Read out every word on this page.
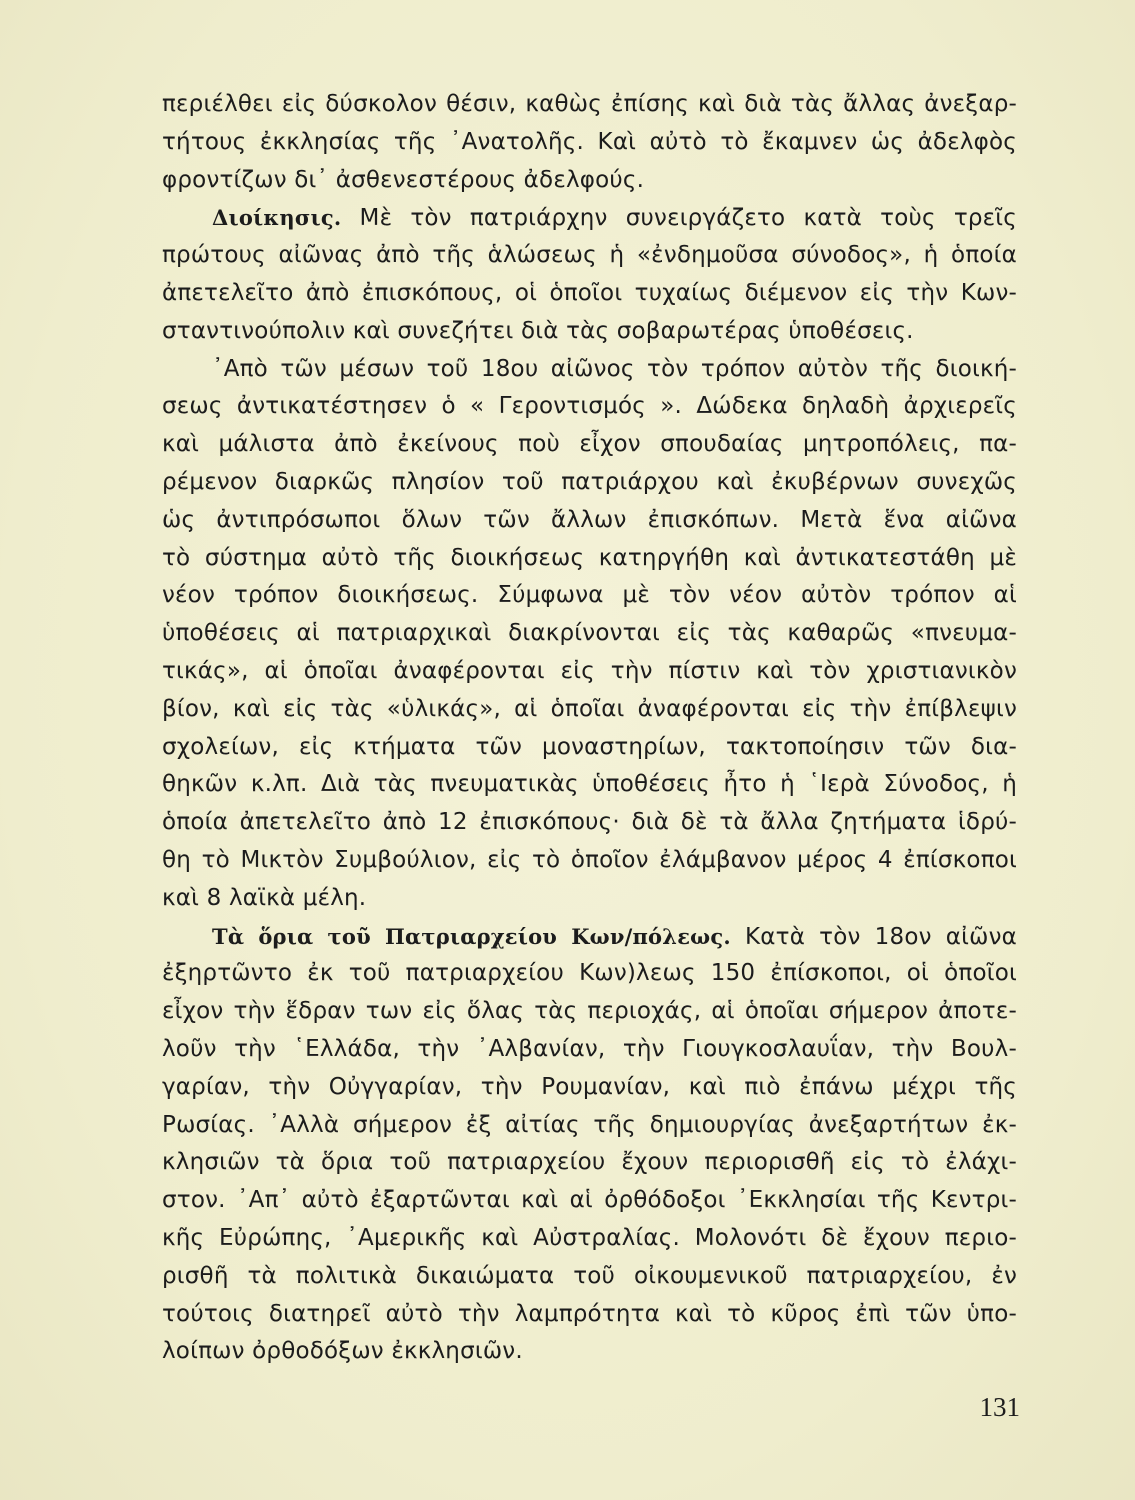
περιέλθει εἰς δύσκολον θέσιν, καθὼς ἐπίσης καὶ διὰ τὰς ἄλλας ἀνεξαρ-
τήτους ἐκκλησίας τῆς ᾿Ανατολῆς. Καὶ αὐτὸ τὸ ἔκαμνεν ὡς ἀδελφὸς
φροντίζων δι᾿ ἀσθενεστέρους ἀδελφούς.
Διοίκησις. Μὲ τὸν πατριάρχην συνειργάζετο κατὰ τοὺς τρεῖς
πρώτους αἰῶνας ἀπὸ τῆς ἁλώσεως ἡ «ἐνδημοῦσα σύνοδος», ἡ ὁποία
ἀπετελεῖτο ἀπὸ ἐπισκόπους, οἱ ὁποῖοι τυχαίως διέμενον εἰς τὴν Κων-
σταντινούπολιν καὶ συνεζήτει διὰ τὰς σοβαρωτέρας ὑποθέσεις.
᾿Απὸ τῶν μέσων τοῦ 18ου αἰῶνος τὸν τρόπον αὐτὸν τῆς διοική-
σεως ἀντικατέστησεν ὁ « Γεροντισμός ». Δώδεκα δηλαδὴ ἀρχιερεῖς
καὶ μάλιστα ἀπὸ ἐκείνους ποὺ εἶχον σπουδαίας μητροπόλεις, πα-
ρέμενον διαρκῶς πλησίον τοῦ πατριάρχου καὶ ἐκυβέρνων συνεχῶς
ὡς ἀντιπρόσωποι ὅλων τῶν ἄλλων ἐπισκόπων. Μετὰ ἕνα αἰῶνα
τὸ σύστημα αὐτὸ τῆς διοικήσεως κατηργήθη καὶ ἀντικατεστάθη μὲ
νέον τρόπον διοικήσεως. Σύμφωνα μὲ τὸν νέον αὐτὸν τρόπον αἱ
ὑποθέσεις αἱ πατριαρχικαὶ διακρίνονται εἰς τὰς καθαρῶς «πνευμα-
τικάς», αἱ ὁποῖαι ἀναφέρονται εἰς τὴν πίστιν καὶ τὸν χριστιανικὸν
βίον, καὶ εἰς τὰς «ὑλικάς», αἱ ὁποῖαι ἀναφέρονται εἰς τὴν ἐπίβλεψιν
σχολείων, εἰς κτήματα τῶν μοναστηρίων, τακτοποίησιν τῶν δια-
θηκῶν κ.λπ. Διὰ τὰς πνευματικὰς ὑποθέσεις ἦτο ἡ ῾Ιερὰ Σύνοδος, ἡ
ὁποία ἀπετελεῖτο ἀπὸ 12 ἐπισκόπους· διὰ δὲ τὰ ἄλλα ζητήματα ἱδρύ-
θη τὸ Μικτὸν Συμβούλιον, εἰς τὸ ὁποῖον ἐλάμβανον μέρος 4 ἐπίσκοποι
καὶ 8 λαϊκὰ μέλη.
Τὰ ὅρια τοῦ Πατριαρχείου Κων/πόλεως. Κατὰ τὸν 18ον αἰῶνα
ἐξηρτῶντο ἐκ τοῦ πατριαρχείου Κων)λεως 150 ἐπίσκοποι, οἱ ὁποῖοι
εἶχον τὴν ἕδραν των εἰς ὅλας τὰς περιοχάς, αἱ ὁποῖαι σήμερον ἀποτε-
λοῦν τὴν ῾Ελλάδα, τὴν ᾿Αλβανίαν, τὴν Γιουγκοσλαυΐαν, τὴν Βουλ-
γαρίαν, τὴν Οὐγγαρίαν, τὴν Ρουμανίαν, καὶ πιὸ ἐπάνω μέχρι τῆς
Ρωσίας. ᾿Αλλὰ σήμερον ἐξ αἰτίας τῆς δημιουργίας ἀνεξαρτήτων ἐκ-
κλησιῶν τὰ ὅρια τοῦ πατριαρχείου ἔχουν περιορισθῆ εἰς τὸ ἐλάχι-
στον. ᾿Απ᾿ αὐτὸ ἐξαρτῶνται καὶ αἱ ὀρθόδοξοι ᾿Εκκλησίαι τῆς Κεντρι-
κῆς Εὐρώπης, ᾿Αμερικῆς καὶ Αὐστραλίας. Μολονότι δὲ ἔχουν περιο-
ρισθῆ τὰ πολιτικὰ δικαιώματα τοῦ οἰκουμενικοῦ πατριαρχείου, ἐν
τούτοις διατηρεῖ αὐτὸ τὴν λαμπρότητα καὶ τὸ κῦρος ἐπὶ τῶν ὑπο-
λοίπων ὀρθοδόξων ἐκκλησιῶν.
131
